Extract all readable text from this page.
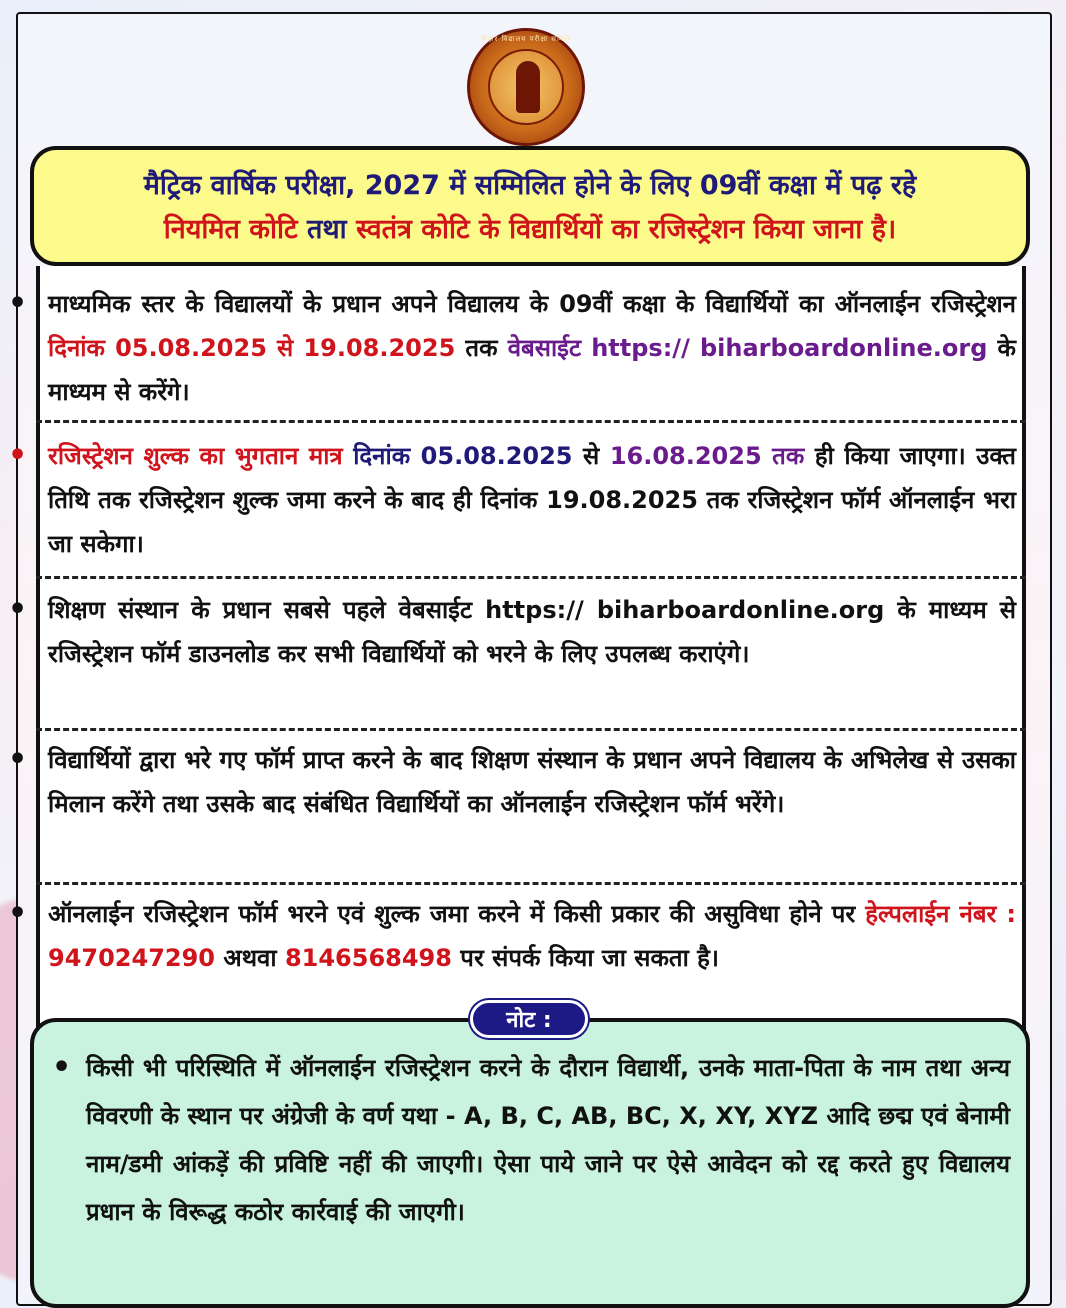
बिहार विद्यालय परीक्षा समिति
मैट्रिक वार्षिक परीक्षा, 2027 में सम्मिलित होने के लिए 09वीं कक्षा में पढ़ रहे
नियमित कोटि तथा स्वतंत्र कोटि के विद्यार्थियों का रजिस्ट्रेशन किया जाना है।
• माध्यमिक स्तर के विद्यालयों के प्रधान अपने विद्यालय के 09वीं कक्षा के विद्यार्थियों का ऑनलाईन रजिस्ट्रेशन दिनांक 05.08.2025 से 19.08.2025 तक वेबसाईट https:// biharboardonline.org के माध्यम से करेंगे।
• रजिस्ट्रेशन शुल्क का भुगतान मात्र दिनांक 05.08.2025 से 16.08.2025 तक ही किया जाएगा। उक्त तिथि तक रजिस्ट्रेशन शुल्क जमा करने के बाद ही दिनांक 19.08.2025 तक रजिस्ट्रेशन फॉर्म ऑनलाईन भरा जा सकेगा।
• शिक्षण संस्थान के प्रधान सबसे पहले वेबसाईट https:// biharboardonline.org के माध्यम से रजिस्ट्रेशन फॉर्म डाउनलोड कर सभी विद्यार्थियों को भरने के लिए उपलब्ध कराएंगे।
• विद्यार्थियों द्वारा भरे गए फॉर्म प्राप्त करने के बाद शिक्षण संस्थान के प्रधान अपने विद्यालय के अभिलेख से उसका मिलान करेंगे तथा उसके बाद संबंधित विद्यार्थियों का ऑनलाईन रजिस्ट्रेशन फॉर्म भरेंगे।
• ऑनलाईन रजिस्ट्रेशन फॉर्म भरने एवं शुल्क जमा करने में किसी प्रकार की असुविधा होने पर हेल्पलाईन नंबर : 9470247290 अथवा 8146568498 पर संपर्क किया जा सकता है।
नोट :
• किसी भी परिस्थिति में ऑनलाईन रजिस्ट्रेशन करने के दौरान विद्यार्थी, उनके माता-पिता के नाम तथा अन्य विवरणी के स्थान पर अंग्रेजी के वर्ण यथा - A, B, C, AB, BC, X, XY, XYZ आदि छद्म एवं बेनामी नाम/डमी आंकड़ें की प्रविष्टि नहीं की जाएगी। ऐसा पाये जाने पर ऐसे आवेदन को रद्द करते हुए विद्यालय प्रधान के विरूद्ध कठोर कार्रवाई की जाएगी।
